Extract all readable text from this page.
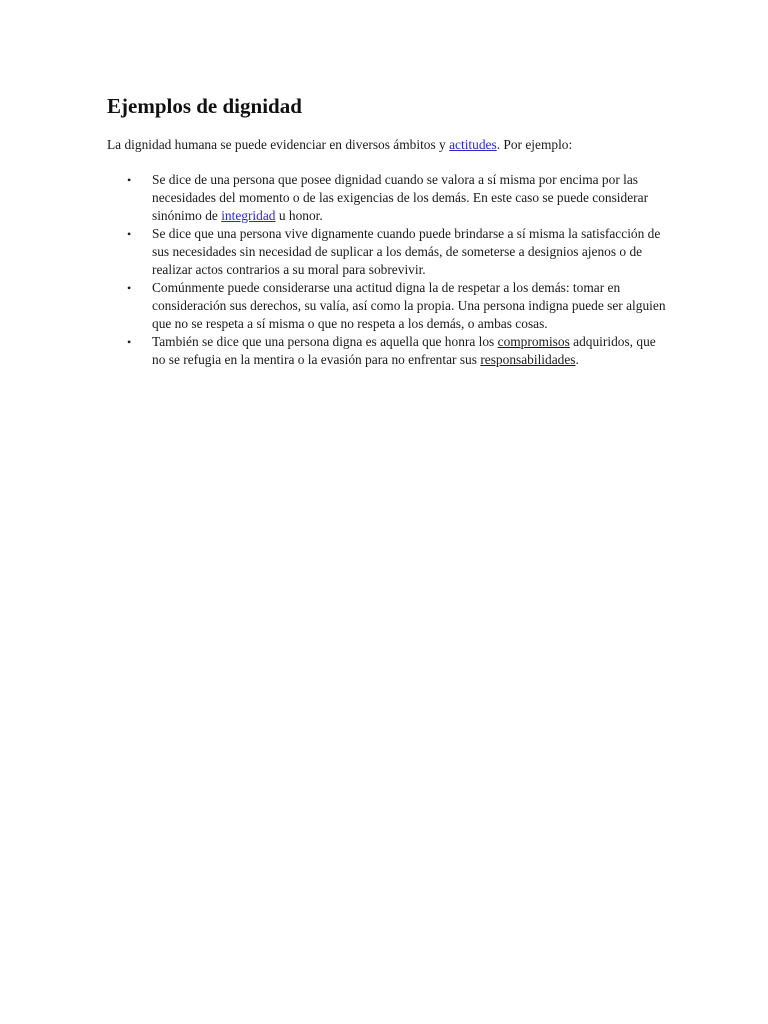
Ejemplos de dignidad

La dignidad humana se puede evidenciar en diversos ámbitos y actitudes. Por ejemplo:

• Se dice de una persona que posee dignidad cuando se valora a sí misma por encima por las necesidades del momento o de las exigencias de los demás. En este caso se puede considerar sinónimo de integridad u honor.
• Se dice que una persona vive dignamente cuando puede brindarse a sí misma la satisfacción de sus necesidades sin necesidad de suplicar a los demás, de someterse a designios ajenos o de realizar actos contrarios a su moral para sobrevivir.
• Comúnmente puede considerarse una actitud digna la de respetar a los demás: tomar en consideración sus derechos, su valía, así como la propia. Una persona indigna puede ser alguien que no se respeta a sí misma o que no respeta a los demás, o ambas cosas.
• También se dice que una persona digna es aquella que honra los compromisos adquiridos, que no se refugia en la mentira o la evasión para no enfrentar sus responsabilidades.
